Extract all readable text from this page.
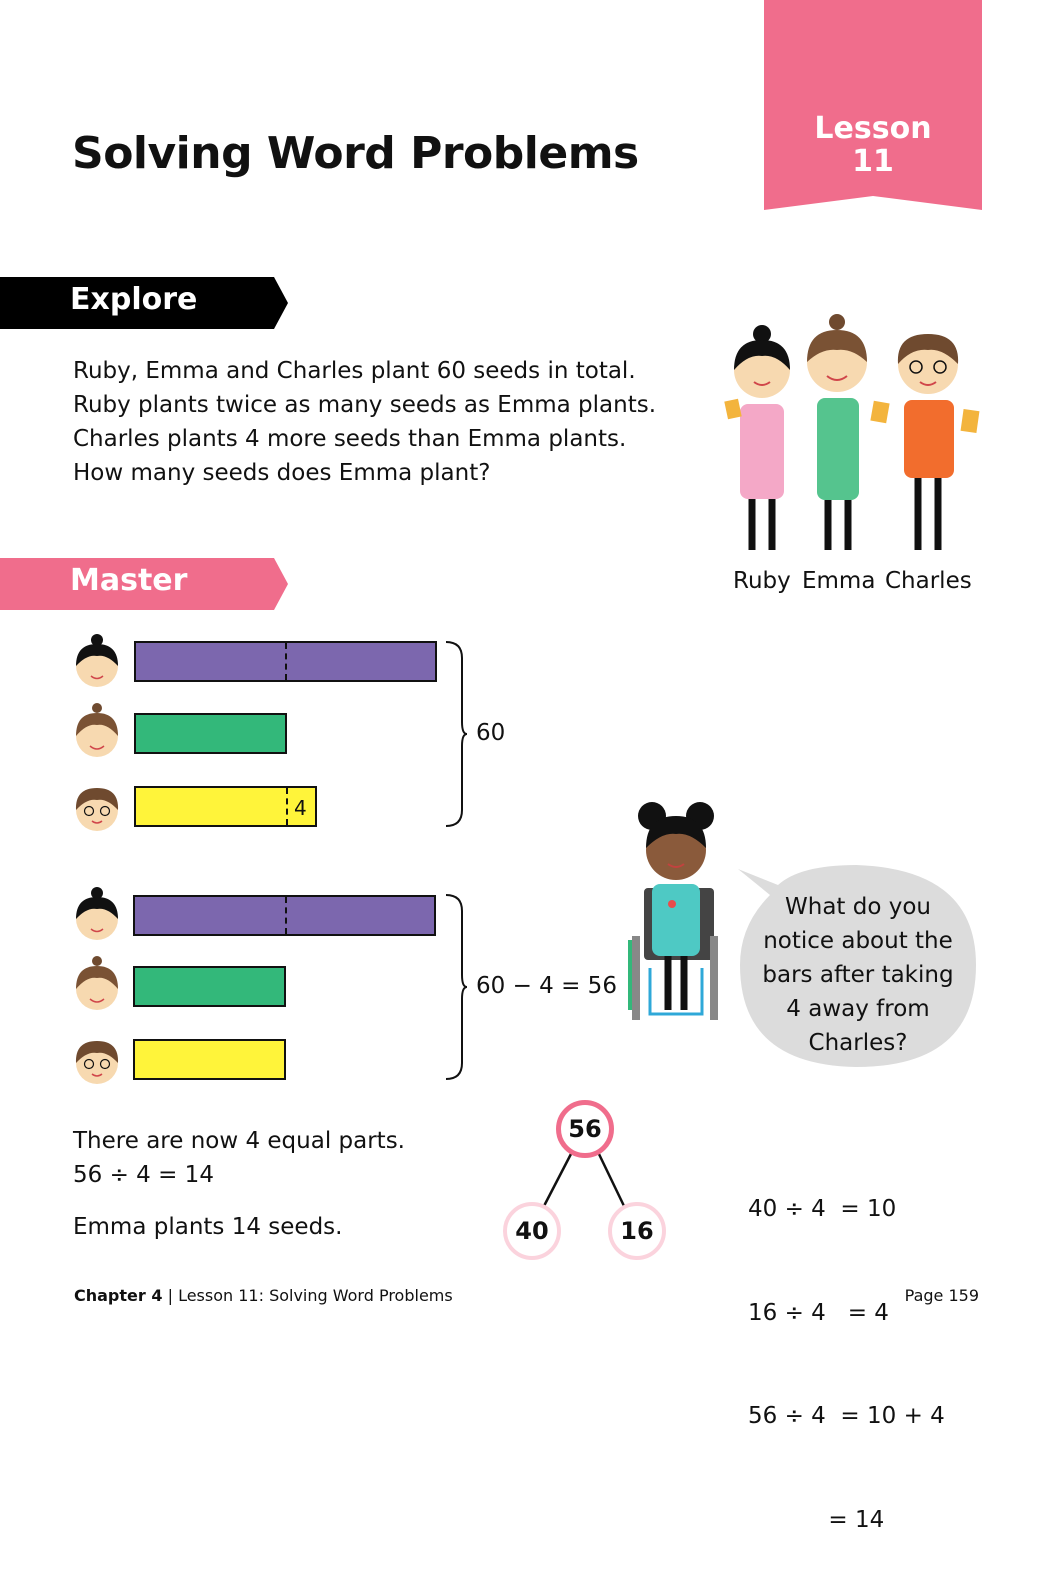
Solving Word Problems	Lesson
11
Explore
Ruby, Emma and Charles plant 60 seeds in total.
Ruby plants twice as many seeds as Emma plants.
Charles plants 4 more seeds than Emma plants.
How many seeds does Emma plant?
Ruby Emma Charles
Master
4
60
60 − 4 = 56
What do you
notice about the
bars after taking
4 away from
Charles?
There are now 4 equal parts.
56 ÷ 4 = 14
Emma plants 14 seeds.
56
40	16

40 ÷ 4  = 10

16 ÷ 4   = 4

56 ÷ 4  = 10 + 4

= 14

Chapter 4 | Lesson 11: Solving Word Problems	Page 159
